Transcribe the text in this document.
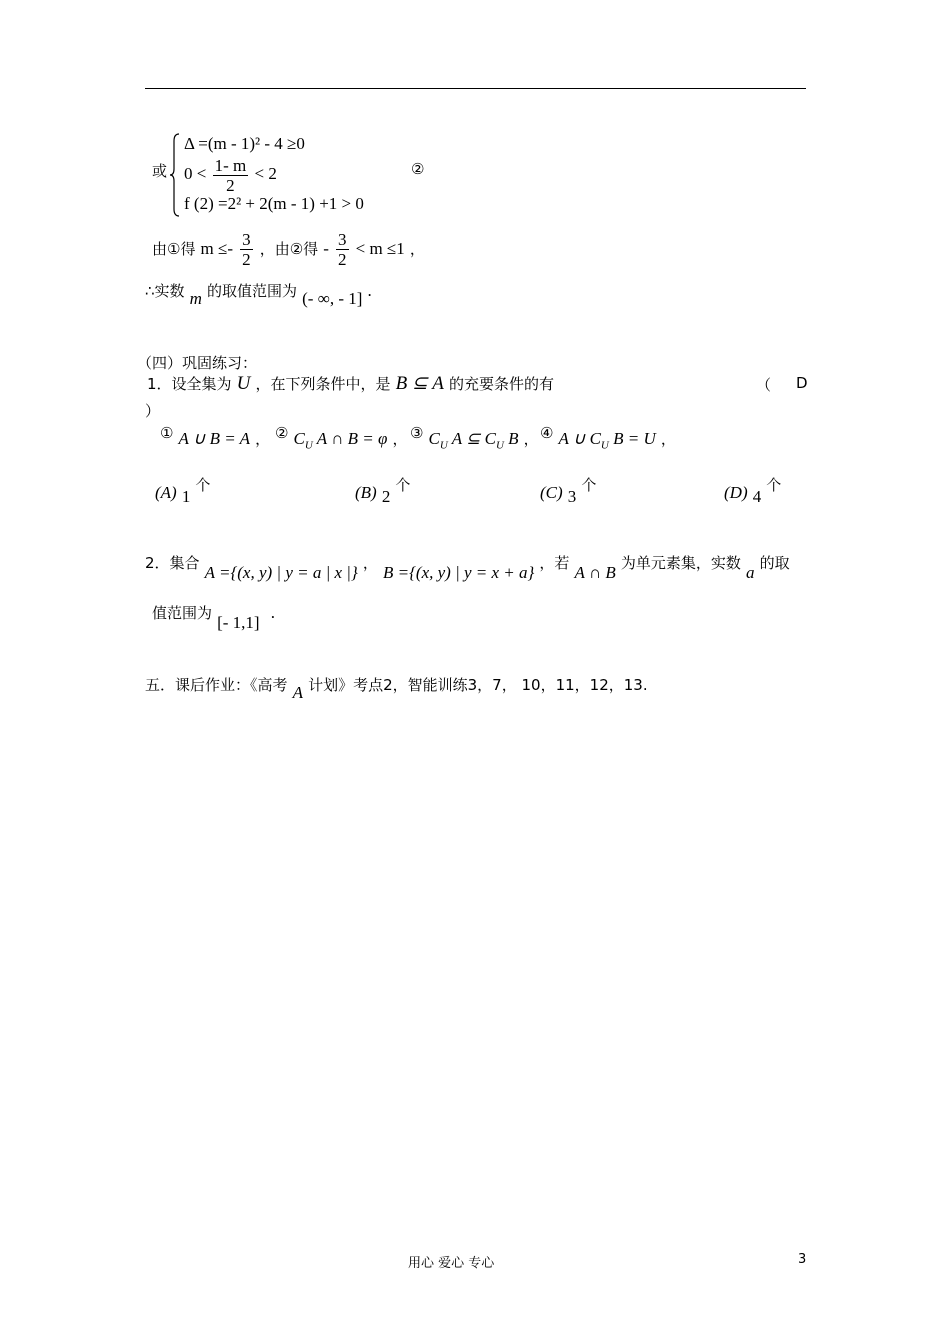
或
Δ =(m - 1)² - 4 ≥0
$0 < \frac{1- m}{2} < 2$
f (2) =2² + 2(m - 1) +1 > 0
②
由①得 $m \le- \frac{3}{2}$ ，由②得 - $\frac{3}{2} < m \le 1$ ，
∴实数 m 的取值范围为 (- ∞, - 1] .
（四）巩固练习：
1．设全集为 U ，在下列条件中，是 B ⊆ A 的充要条件的有	（ D
）
① A ∪ B = A ， ② $C_U$ A ∩ B = φ ， ③ $C_U$ A ⊆ $C_U$ B ， ④ A ∪ $C_U$ B = U ，
(A) 1 个	(B) 2 个	(C) 3 个	(D) 4 个
2．集合 A ={(x, y) | y = a | x |} ， B ={(x, y) | y = x + a} ，若 A ∩ B 为单元素集，实数 a 的取
值范围为 [- 1,1] .
五．课后作业：《高考 A 计划》考点2，智能训练3，7， 10，11，12，13.
用心 爱心 专心	3
